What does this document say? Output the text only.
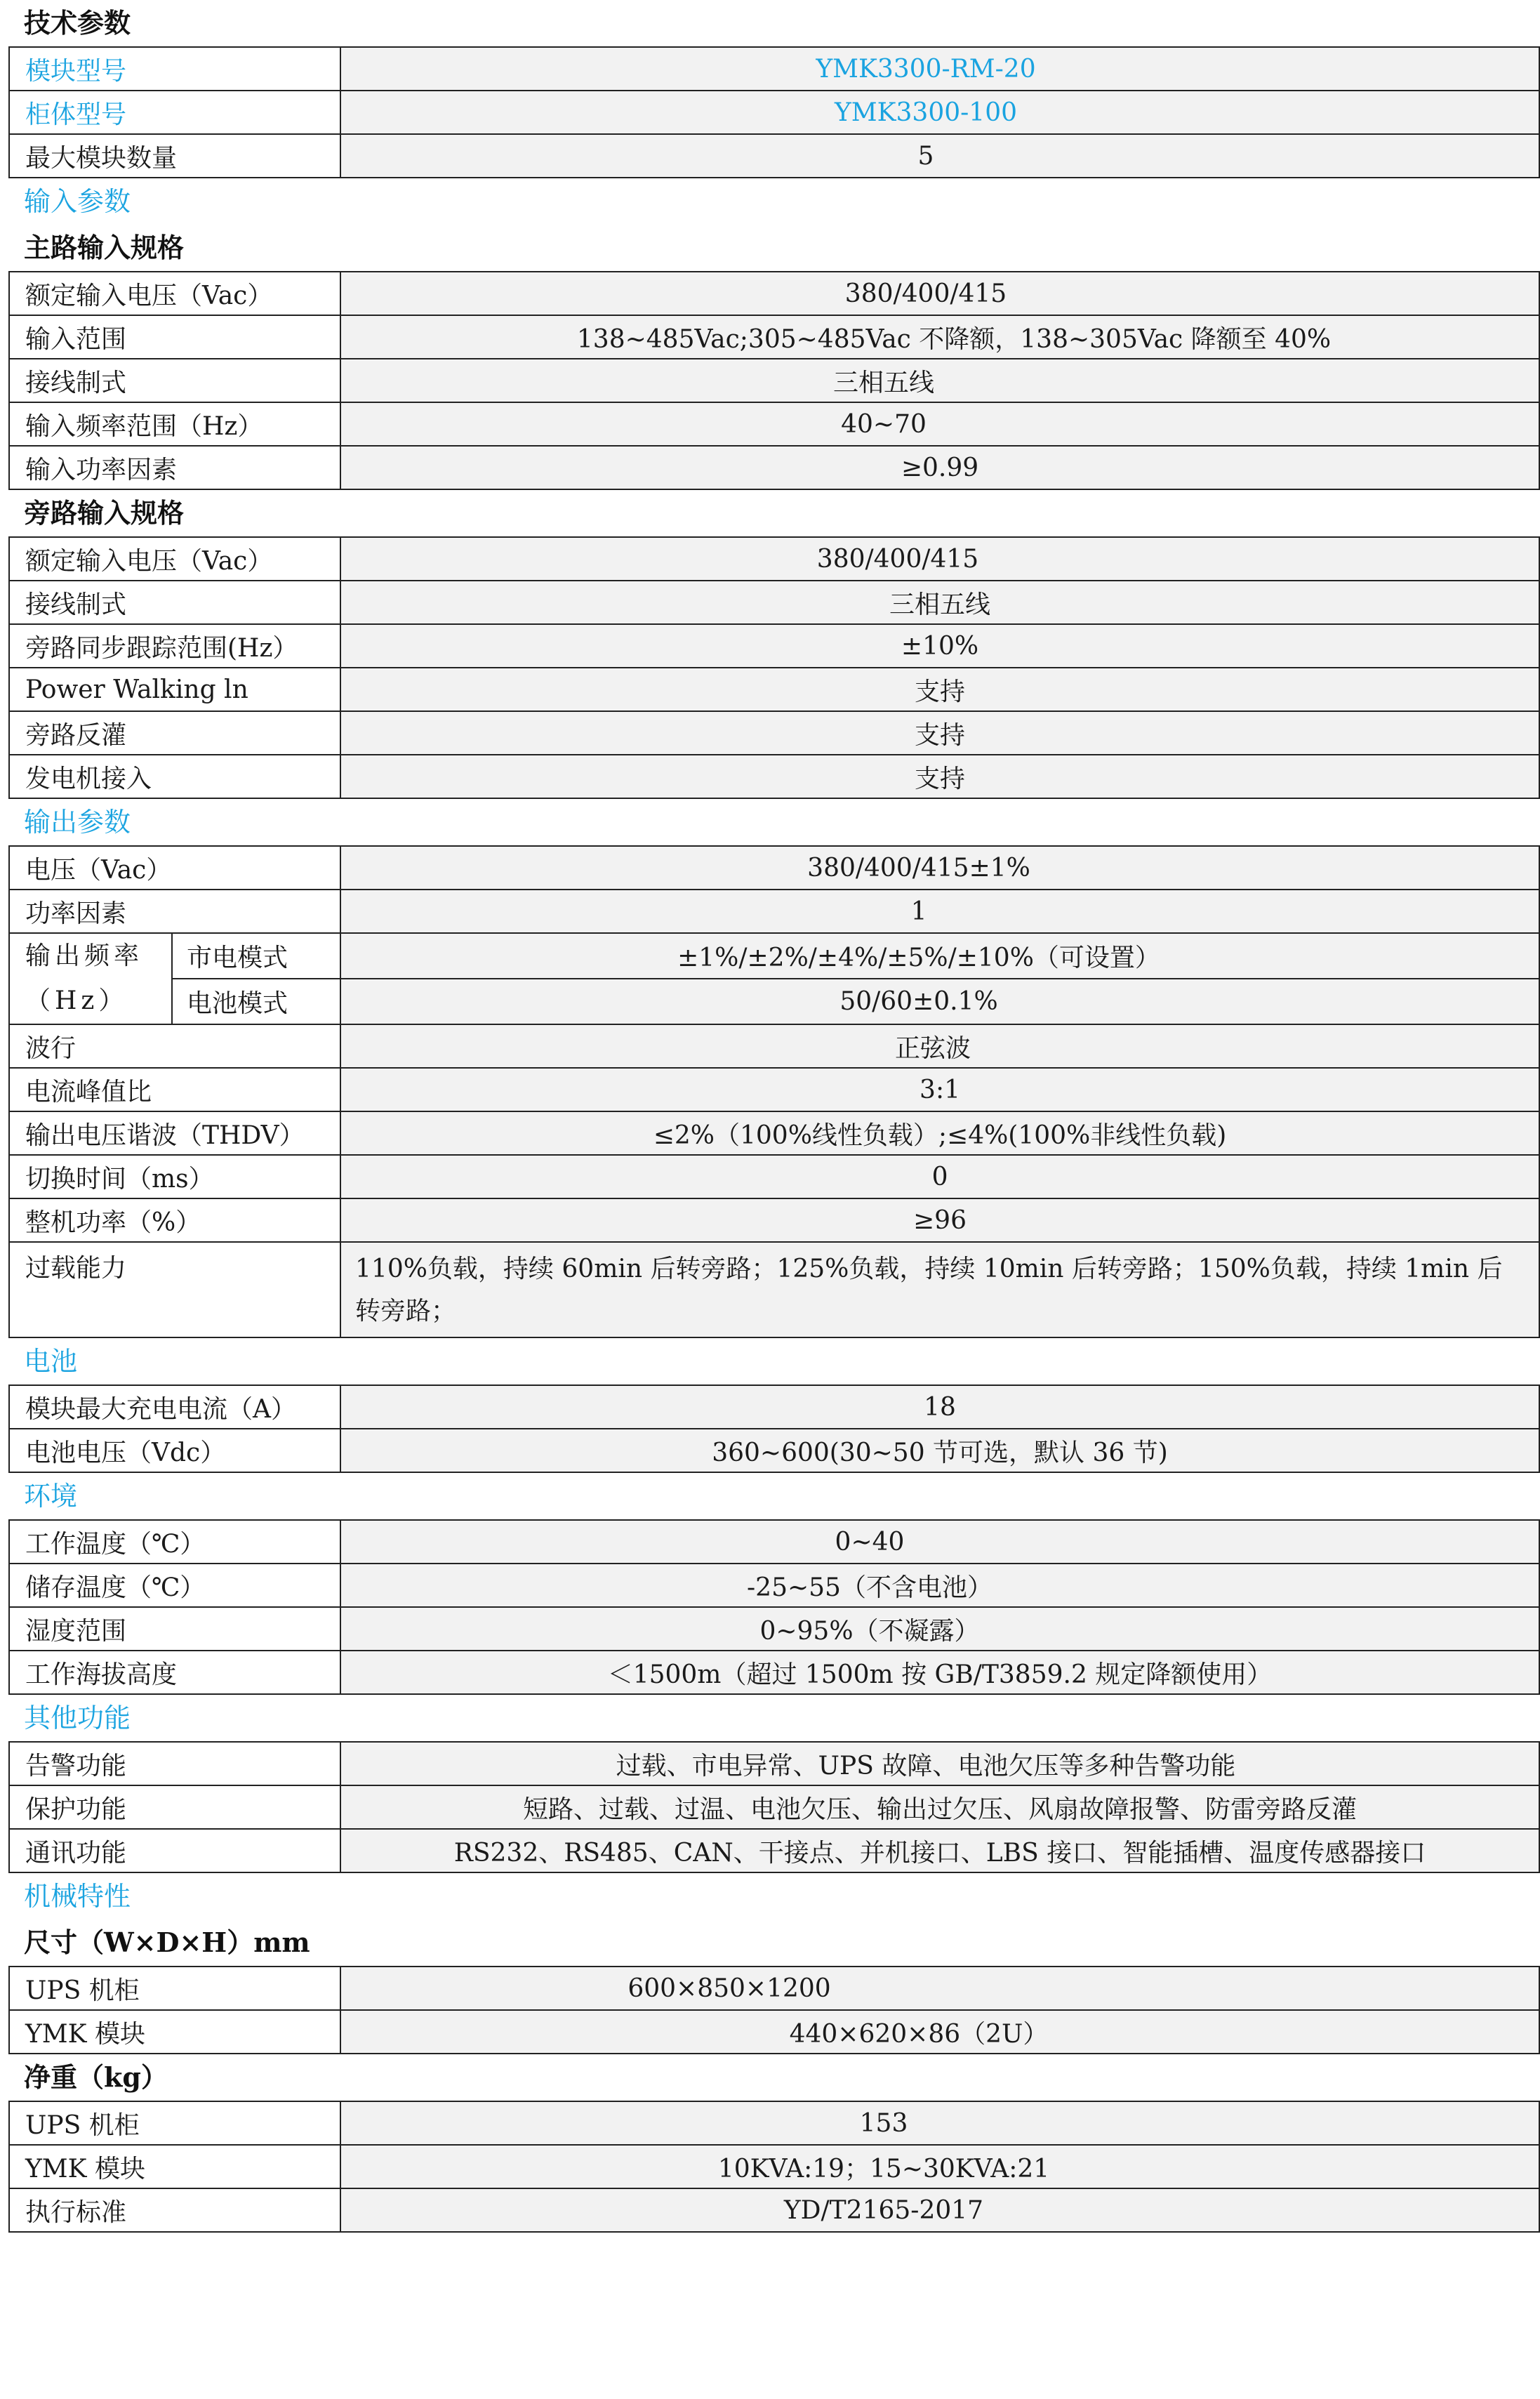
技术参数
模块型号	YMK3300-RM-20
柜体型号	YMK3300-100
最大模块数量	5
输入参数
主路输入规格
额定输入电压（Vac）	380/400/415
输入范围	138~485Vac;305~485Vac 不降额，138~305Vac 降额至 40%
接线制式	三相五线
输入频率范围（Hz）	40~70
输入功率因素	≥0.99
旁路输入规格
额定输入电压（Vac）	380/400/415
接线制式	三相五线
旁路同步跟踪范围(Hz）	±10%
Power Walking ln	支持
旁路反灌	支持
发电机接入	支持
输出参数
电压（Vac）		380/400/415±1%
功率因素		1
输出频率（Hz）	市电模式	±1%/±2%/±4%/±5%/±10%（可设置）
	电池模式	50/60±0.1%
波行		正弦波
电流峰值比		3:1
输出电压谐波（THDV）		≤2%（100%线性负载）;≤4%(100%非线性负载)
切换时间（ms）		0
整机功率（%）		≥96
过载能力		110%负载，持续 60min 后转旁路；125%负载，持续 10min 后转旁路；150%负载，持续 1min 后转旁路；
电池
模块最大充电电流（A）	18
电池电压（Vdc）	360~600(30~50 节可选，默认 36 节)
环境
工作温度（℃）	0~40
储存温度（℃）	-25~55（不含电池）
湿度范围	0~95%（不凝露）
工作海拔高度	＜1500m（超过 1500m 按 GB/T3859.2 规定降额使用）
其他功能
告警功能	过载、市电异常、UPS 故障、电池欠压等多种告警功能
保护功能	短路、过载、过温、电池欠压、输出过欠压、风扇故障报警、防雷旁路反灌
通讯功能	RS232、RS485、CAN、干接点、并机接口、LBS 接口、智能插槽、温度传感器接口
机械特性
尺寸（W×D×H）mm
UPS 机柜	600×850×1200
YMK 模块	440×620×86（2U）
净重（kg）
UPS 机柜	153
YMK 模块	10KVA:19；15~30KVA:21
执行标准	YD/T2165-2017
